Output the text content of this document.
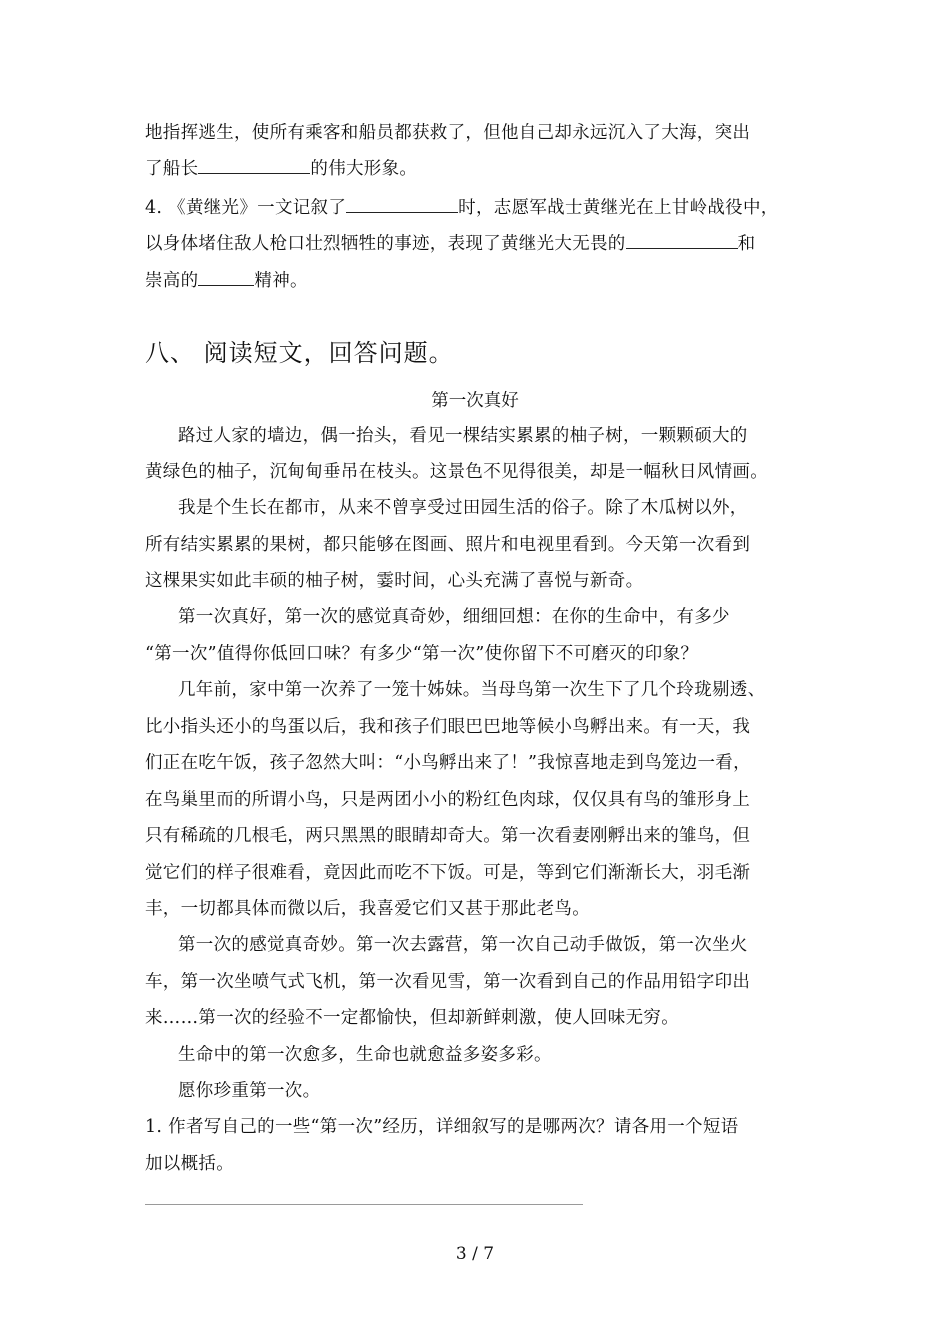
地指挥逃生，使所有乘客和船员都获救了，但他自己却永远沉入了大海，突出
了船长	的伟大形象。
4. 《黄继光》一文记叙了	时，志愿军战士黄继光在上甘岭战役中，
以身体堵住敌人枪口壮烈牺牲的事迹，表现了黄继光大无畏的	和
崇高的	精神。
八、 阅读短文，回答问题。
第一次真好
路过人家的墙边，偶一抬头，看见一棵结实累累的柚子树，一颗颗硕大的
黄绿色的柚子，沉甸甸垂吊在枝头。这景色不见得很美，却是一幅秋日风情画。
我是个生长在都市，从来不曾享受过田园生活的俗子。除了木瓜树以外，
所有结实累累的果树，都只能够在图画、照片和电视里看到。今天第一次看到
这棵果实如此丰硕的柚子树，霎时间，心头充满了喜悦与新奇。
第一次真好，第一次的感觉真奇妙，细细回想：在你的生命中，有多少
“第一次”值得你低回口味？有多少“第一次”使你留下不可磨灭的印象？
几年前，家中第一次养了一笼十姊妹。当母鸟第一次生下了几个玲珑剔透、
比小指头还小的鸟蛋以后，我和孩子们眼巴巴地等候小鸟孵出来。有一天，我
们正在吃午饭，孩子忽然大叫：“小鸟孵出来了！”我惊喜地走到鸟笼边一看，
在鸟巢里而的所谓小鸟，只是两团小小的粉红色肉球，仅仅具有鸟的雏形身上
只有稀疏的几根毛，两只黑黑的眼睛却奇大。第一次看妻刚孵出来的雏鸟，但
觉它们的样子很难看，竟因此而吃不下饭。可是，等到它们渐渐长大，羽毛渐
丰，一切都具体而微以后，我喜爱它们又甚于那此老鸟。
第一次的感觉真奇妙。第一次去露营，第一次自己动手做饭，第一次坐火
车，第一次坐喷气式飞机，第一次看见雪，第一次看到自己的作品用铅字印出
来……第一次的经验不一定都愉快，但却新鲜刺激，使人回味无穷。
生命中的第一次愈多，生命也就愈益多姿多彩。
愿你珍重第一次。
1. 作者写自己的一些“第一次”经历，详细叙写的是哪两次？请各用一个短语
加以概括。
3 / 7
